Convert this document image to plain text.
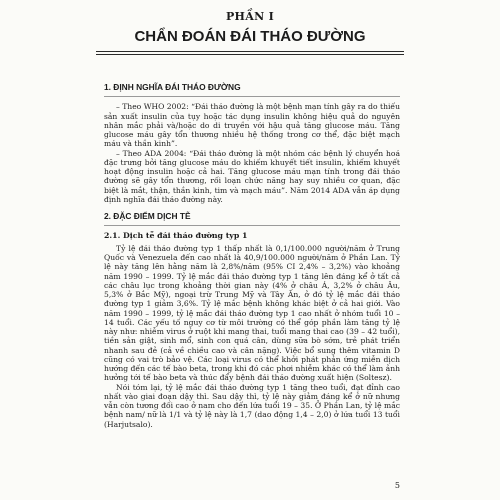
PHẦN I
CHẨN ĐOÁN ĐÁI THÁO ĐƯỜNG
1. ĐỊNH NGHĨA ĐÁI THÁO ĐƯỜNG

– Theo WHO 2002: “Đái tháo đường là một bệnh mạn tính gây ra do thiếu sản xuất insulin của tụy hoặc tác dụng insulin không hiệu quả do nguyên nhân mắc phải và/hoặc do di truyền với hậu quả tăng glucose máu. Tăng glucose máu gây tổn thương nhiều hệ thống trong cơ thể, đặc biệt mạch máu và thần kinh”.

– Theo ADA 2004: “Đái tháo đường là một nhóm các bệnh lý chuyển hoá đặc trưng bởi tăng glucose máu do khiếm khuyết tiết insulin, khiếm khuyết hoạt động insulin hoặc cả hai. Tăng glucose máu mạn tính trong đái tháo đường sẽ gây tổn thương, rối loạn chức năng hay suy nhiều cơ quan, đặc biệt là mắt, thận, thần kinh, tim và mạch máu”. Năm 2014 ADA vẫn áp dụng định nghĩa đái tháo đường này.

2. ĐẶC ĐIỂM DỊCH TỄ
2.1. Dịch tễ đái tháo đường typ 1

Tỷ lệ đái tháo đường typ 1 thấp nhất là 0,1/100.000 người/năm ở Trung Quốc và Venezuela đến cao nhất là 40,9/100.000 người/năm ở Phần Lan. Tỷ lệ này tăng lên hằng năm là 2,8%/năm (95% CI 2,4% – 3,2%) vào khoảng năm 1990 – 1999. Tỷ lệ mắc đái tháo đường typ 1 tăng lên đáng kể ở tất cả các châu lục trong khoảng thời gian này (4% ở châu Á, 3,2% ở châu Âu, 5,3% ở Bắc Mỹ), ngoại trừ Trung Mỹ và Tây Ấn, ở đó tỷ lệ mắc đái tháo đường typ 1 giảm 3,6%. Tỷ lệ mắc bệnh không khác biệt ở cả hai giới. Vào năm 1990 – 1999, tỷ lệ mắc đái tháo đường typ 1 cao nhất ở nhóm tuổi 10 – 14 tuổi. Các yếu tố nguy cơ từ môi trường có thể góp phần làm tăng tỷ lệ này như: nhiễm virus ở ruột khi mang thai, tuổi mang thai cao (39 – 42 tuổi), tiền sản giật, sinh mổ, sinh con quá cân, dùng sữa bò sớm, trẻ phát triển nhanh sau đẻ (cả về chiều cao và cân nặng). Việc bổ sung thêm vitamin D cũng có vai trò bảo vệ. Các loại virus có thể khởi phát phản ứng miễn dịch hướng đến các tế bào beta, trong khi đó các phơi nhiễm khác có thể làm ảnh hưởng tới tế bào beta và thúc đẩy bệnh đái tháo đường xuất hiện (Soltesz).

Nói tóm lại, tỷ lệ mắc đái tháo đường typ 1 tăng theo tuổi, đạt đỉnh cao nhất vào giai đoạn dậy thì. Sau dậy thì, tỷ lệ này giảm đáng kể ở nữ nhưng vẫn còn tương đối cao ở nam cho đến lứa tuổi 19 – 35. Ở Phần Lan, tỷ lệ mắc bệnh nam/ nữ là 1/1 và tỷ lệ này là 1,7 (dao động 1,4 – 2,0) ở lứa tuổi 13 tuổi (Harjutsalo).

5
